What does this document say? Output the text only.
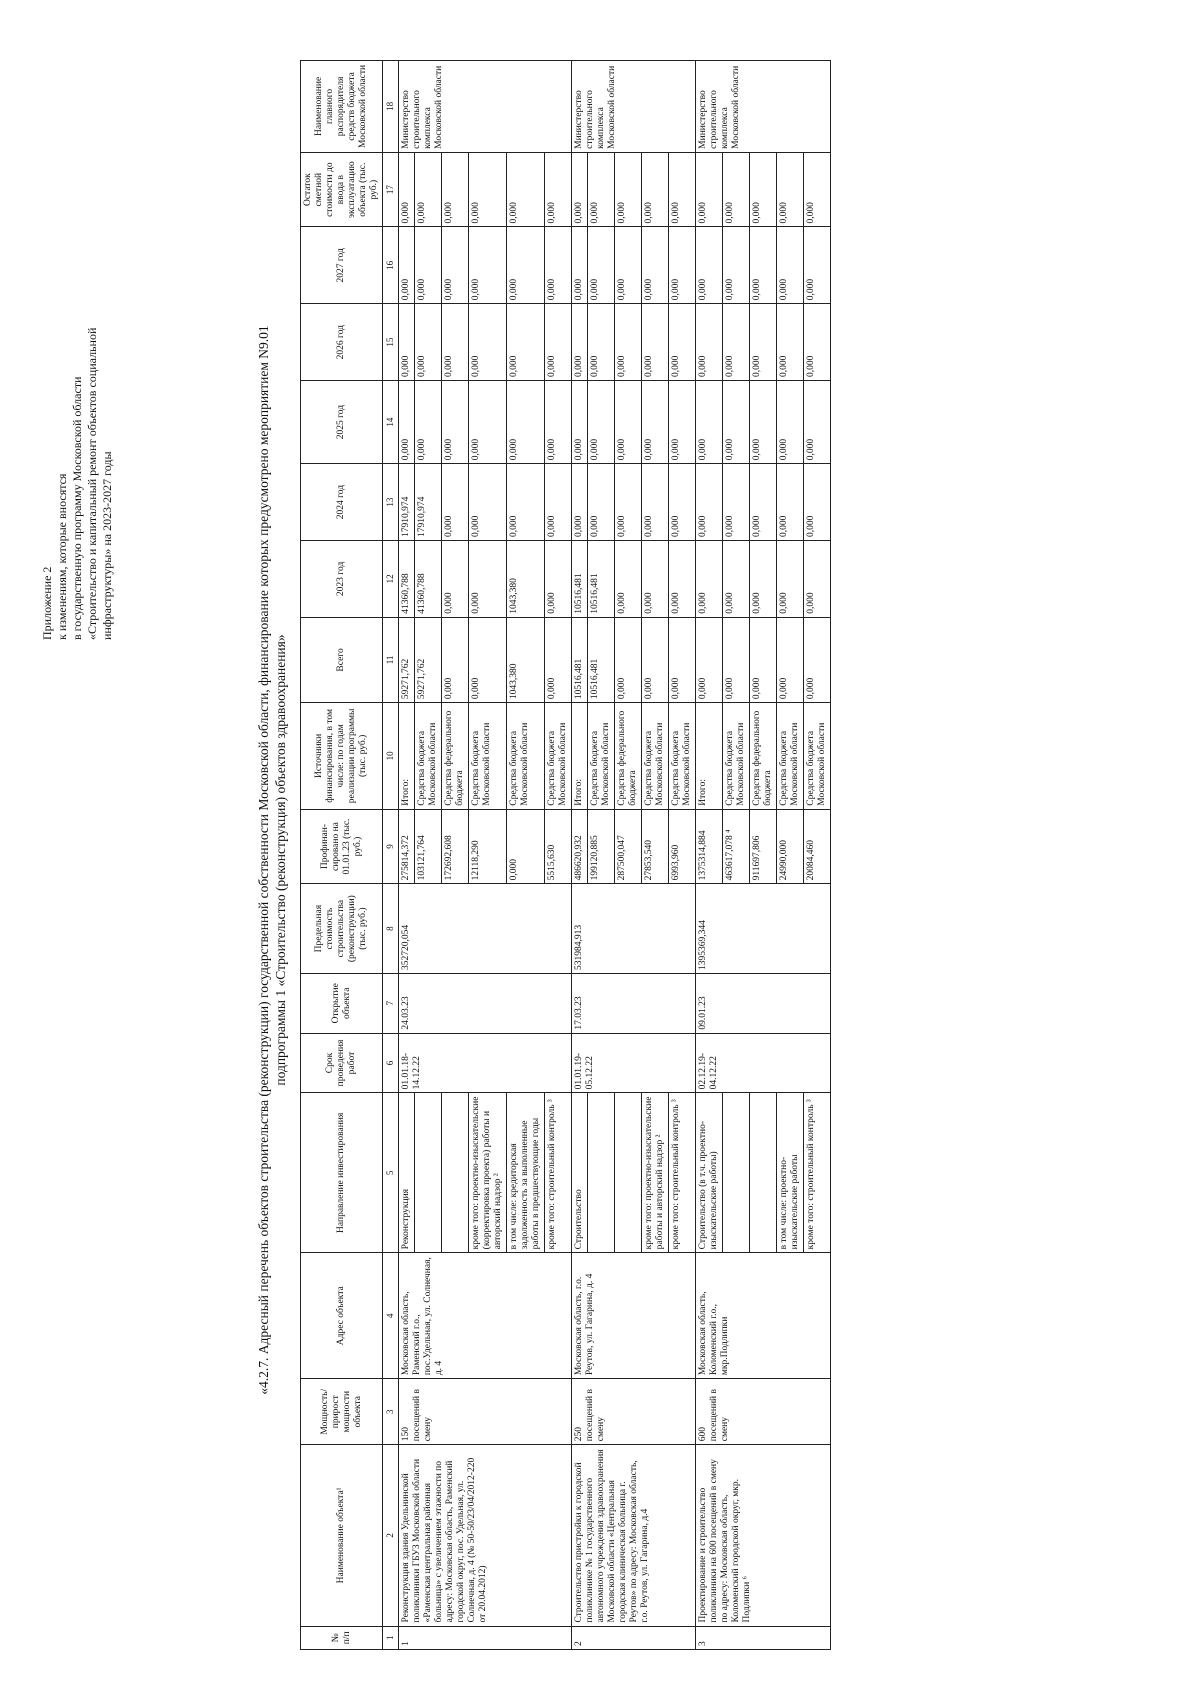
Приложение 2 к изменениям, которые вносятся в государственную программу Московской области «Строительство и капитальный ремонт объектов социальной инфраструктуры» на 2023-2027 годы	«4.2.7. Адресный перечень объектов строительства (реконструкции) государственной собственности Московской области, финансирование которых предусмотрено мероприятием N9.01 подпрограммы 1 «Строительство (реконструкция) объектов здравоохранения»
№ п/п	Наименование объекта¹	Мощность/ прирост мощности объекта	Адрес объекта	Направление инвестирования	Срок проведения работ	Открытие объекта	Предельная стоимость строительства (реконструкции) (тыс. руб.)	Профинан-сировано на 01.01.23 (тыс. руб.)	Источники финансирования, в том числе: по годам реализации программы (тыс. руб.)	Всего	2023 год	2024 год	2025 год	2026 год	2027 год	Остаток сметной стоимости до ввода в эксплуатацию объекта (тыс. руб.)	Наименование главного распорядителя средств бюджета Московской области
1	2	3	4	5	6	7	8	9	10	11	12	13	14	15	16	17	18
1	Реконструкция здания Удельнинской поликлиники ГБУЗ Московской области «Раменская центральная районная больница» с увеличением этажности по адресу: Московская область, Раменский городской округ, пос. Удельная, ул. Солнечная, д. 4 (№ 50-50/23/04/2012-220 от 20.04.2012)	150 посещений в смену	Московская область, Раменский г.о., пос.Удельная, ул. Солнечная, д. 4	Реконструкция	01.01.18- 14.12.22	24.03.23	352720,054	275814,372	Итого:	59271,762	41360,788	17910,974	0,000	0,000	0,000	0,000	Министерство строительного комплекса Московской области
								103121,764	Средства бюджета Московской области	59271,762	41360,788	17910,974	0,000	0,000	0,000	0,000	
								172692,608	Средства федерального бюджета	0,000	0,000	0,000	0,000	0,000	0,000	0,000	
				кроме того: проектно-изыскательские (корректировка проекта) работы и авторский надзор ²				12118,290	Средства бюджета Московской области	0,000	0,000	0,000	0,000	0,000	0,000	0,000	
				в том числе: кредиторская задолженность за выполненные работы в предшествующие годы				0,000	Средства бюджета Московской области	1043,380	1043,380	0,000	0,000	0,000	0,000	0,000	
				кроме того: строительный контроль ³				5515,630	Средства бюджета Московской области	0,000	0,000	0,000	0,000	0,000	0,000	0,000	
2	Строительство пристройки к городской поликлинике № 1 государственного автономного учреждения здравоохранения Московской области «Центральная городская клиническая больница г. Реутов» по адресу: Московская область, г.о. Реутов, ул. Гагарина, д.4	250 посещений в смену	Московская область, г.о. Реутов, ул. Гагарина, д. 4	Строительство	01.01.19- 05.12.22	17.03.23	531984,913	486620,932	Итого:	10516,481	10516,481	0,000	0,000	0,000	0,000	0,000	Министерство строительного комплекса Московской области
								199120,885	Средства бюджета Московской области	10516,481	10516,481	0,000	0,000	0,000	0,000	0,000	
								287500,047	Средства федерального бюджета	0,000	0,000	0,000	0,000	0,000	0,000	0,000	
				кроме того: проектно-изыскательские работы и авторский надзор ²				27853,540	Средства бюджета Московской области	0,000	0,000	0,000	0,000	0,000	0,000	0,000	
				кроме того: строительный контроль ³				6993,960	Средства бюджета Московской области	0,000	0,000	0,000	0,000	0,000	0,000	0,000	
3	Проектирование и строительство поликлиники на 600 посещений в смену по адресу: Московская область, Коломенский городской округ, мкр. Подлипки ⁶	600 посещений в смену	Московская область, Коломенский г.о., мкр.Подлипки	Строительство (в т.ч. проектно-изыскательские работы)	02.12.19- 04.12.22	09.01.23	1395369,344	1375314,884	Итого:	0,000	0,000	0,000	0,000	0,000	0,000	0,000	Министерство строительного комплекса Московской области
								463617,078 ⁴	Средства бюджета Московской области	0,000	0,000	0,000	0,000	0,000	0,000	0,000	
								911697,806	Средства федерального бюджета	0,000	0,000	0,000	0,000	0,000	0,000	0,000	
				в том числе: проектно-изыскательские работы				24990,000	Средства бюджета Московской области	0,000	0,000	0,000	0,000	0,000	0,000	0,000	
				кроме того: строительный контроль ³				20084,460	Средства бюджета Московской области	0,000	0,000	0,000	0,000	0,000	0,000	0,000	
